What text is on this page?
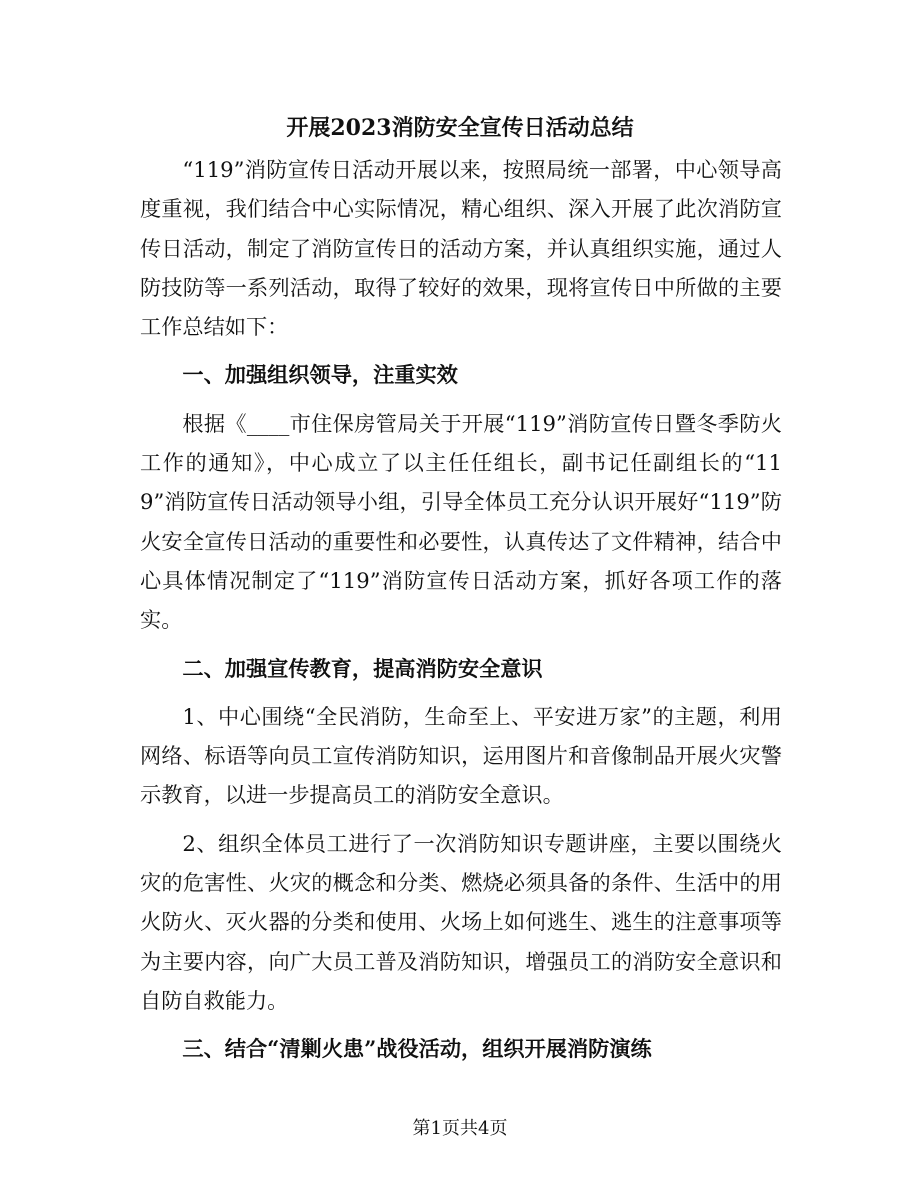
开展2023消防安全宣传日活动总结

“119”消防宣传日活动开展以来，按照局统一部署，中心领导高度重视，我们结合中心实际情况，精心组织、深入开展了此次消防宣传日活动，制定了消防宣传日的活动方案，并认真组织实施，通过人防技防等一系列活动，取得了较好的效果，现将宣传日中所做的主要工作总结如下：

一、加强组织领导，注重实效

根据《____市住保房管局关于开展“119”消防宣传日暨冬季防火工作的通知》，中心成立了以主任任组长，副书记任副组长的“119”消防宣传日活动领导小组，引导全体员工充分认识开展好“119”防火安全宣传日活动的重要性和必要性，认真传达了文件精神，结合中心具体情况制定了“119”消防宣传日活动方案，抓好各项工作的落实。

二、加强宣传教育，提高消防安全意识

1、中心围绕“全民消防，生命至上、平安进万家”的主题，利用网络、标语等向员工宣传消防知识，运用图片和音像制品开展火灾警示教育，以进一步提高员工的消防安全意识。

2、组织全体员工进行了一次消防知识专题讲座，主要以围绕火灾的危害性、火灾的概念和分类、燃烧必须具备的条件、生活中的用火防火、灭火器的分类和使用、火场上如何逃生、逃生的注意事项等为主要内容，向广大员工普及消防知识，增强员工的消防安全意识和自防自救能力。

三、结合“清剿火患”战役活动，组织开展消防演练

第1页共4页
